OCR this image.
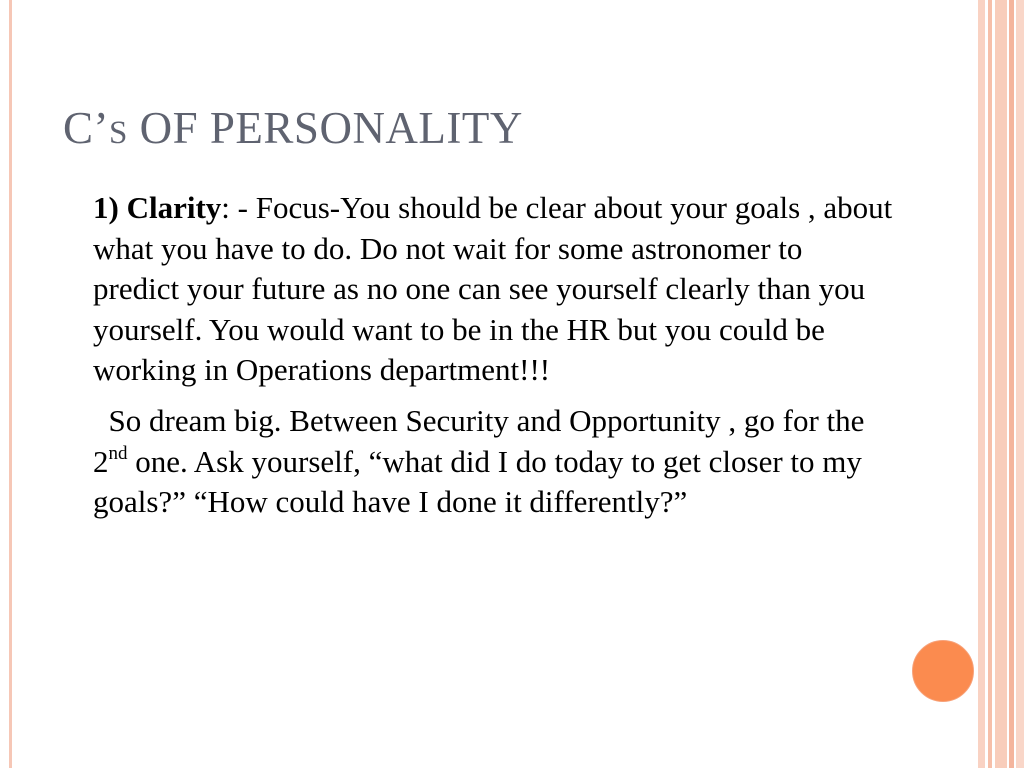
C’S OF PERSONALITY

1) Clarity: - Focus-You should be clear about your goals , about what you have to do. Do not wait for some astronomer to predict your future as no one can see yourself clearly than you yourself. You would want to be in the HR but you could be working in Operations department!!!

So dream big. Between Security and Opportunity , go for the 2nd one. Ask yourself, “what did I do today to get closer to my goals?” “How could have I done it differently?”
